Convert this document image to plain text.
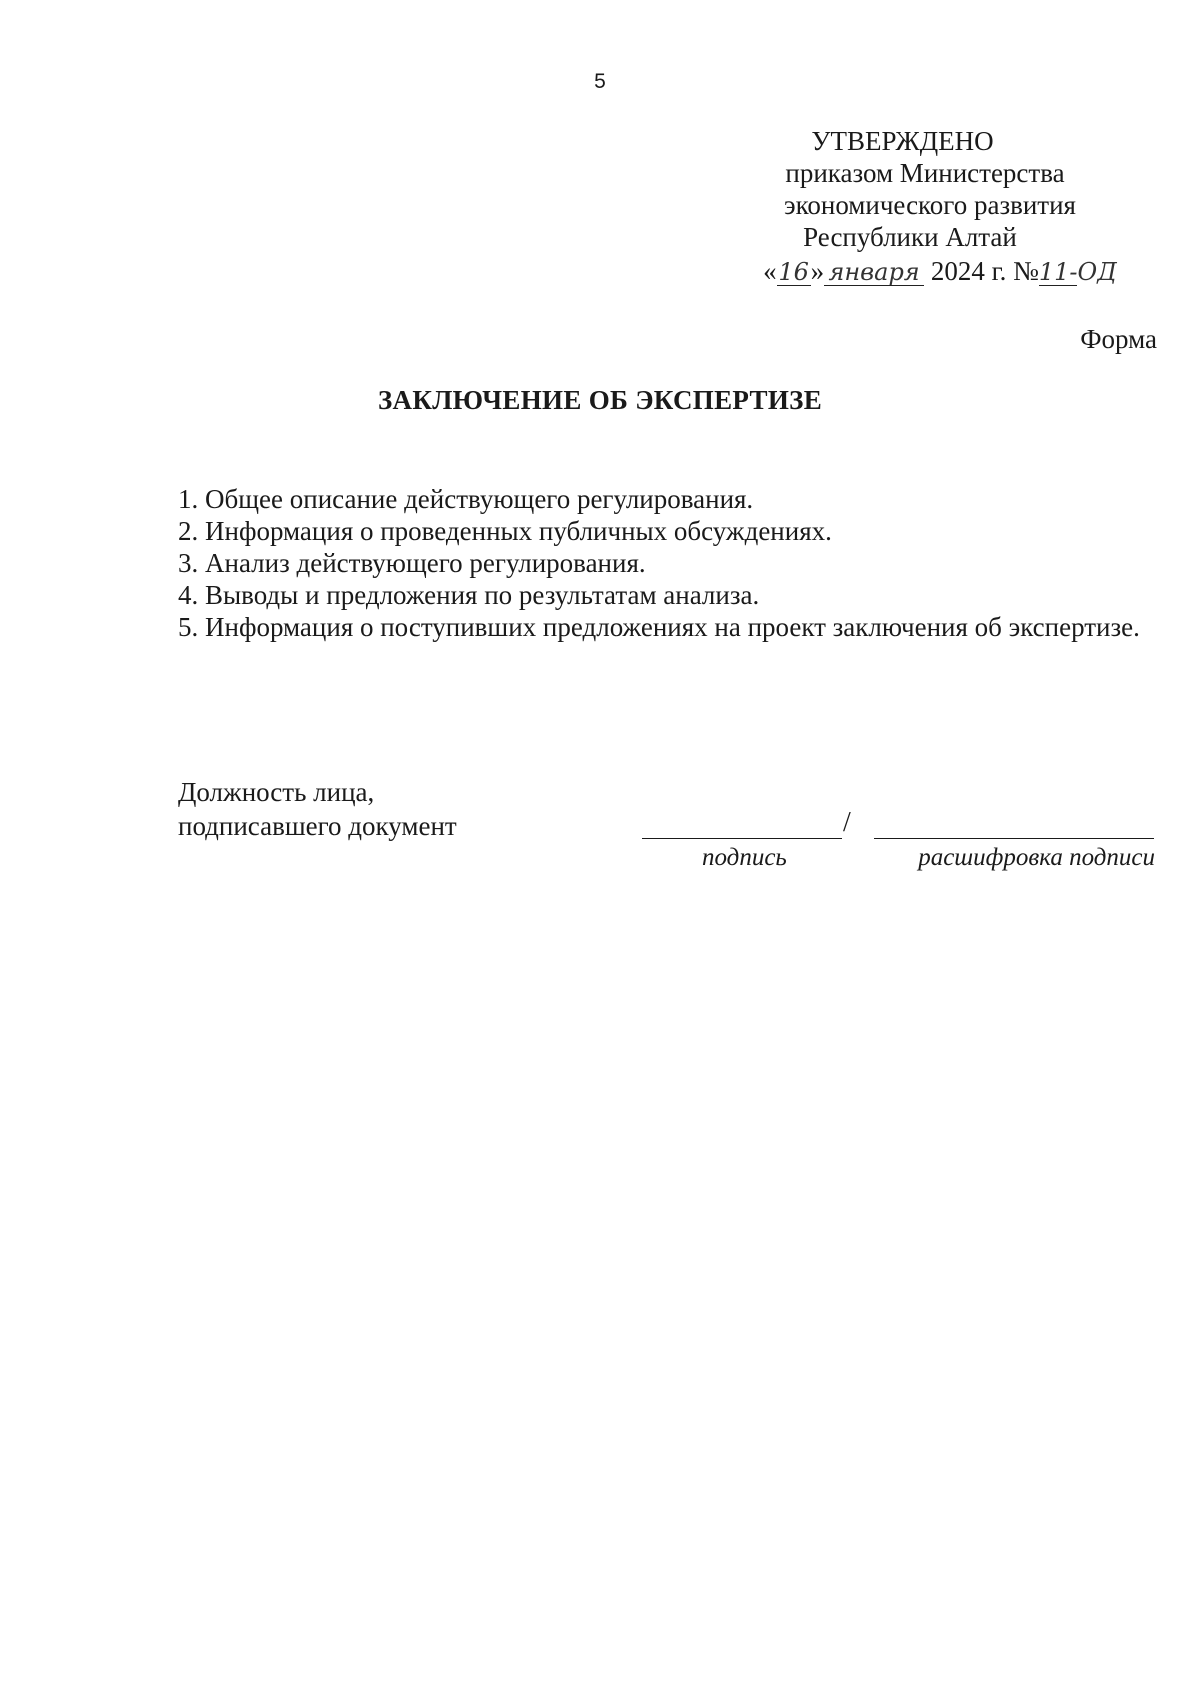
5
УТВЕРЖДЕНО
приказом Министерства
экономического развития
Республики Алтай
«16» января 2024 г. №11-ОД
Форма
ЗАКЛЮЧЕНИЕ ОБ ЭКСПЕРТИЗЕ
1. Общее описание действующего регулирования.
2. Информация о проведенных публичных обсуждениях.
3. Анализ действующего регулирования.
4. Выводы и предложения по результатам анализа.
5. Информация о поступивших предложениях на проект заключения об экспертизе.
Должность лица,
подписавшего документ	/
подпись	расшифровка подписи
